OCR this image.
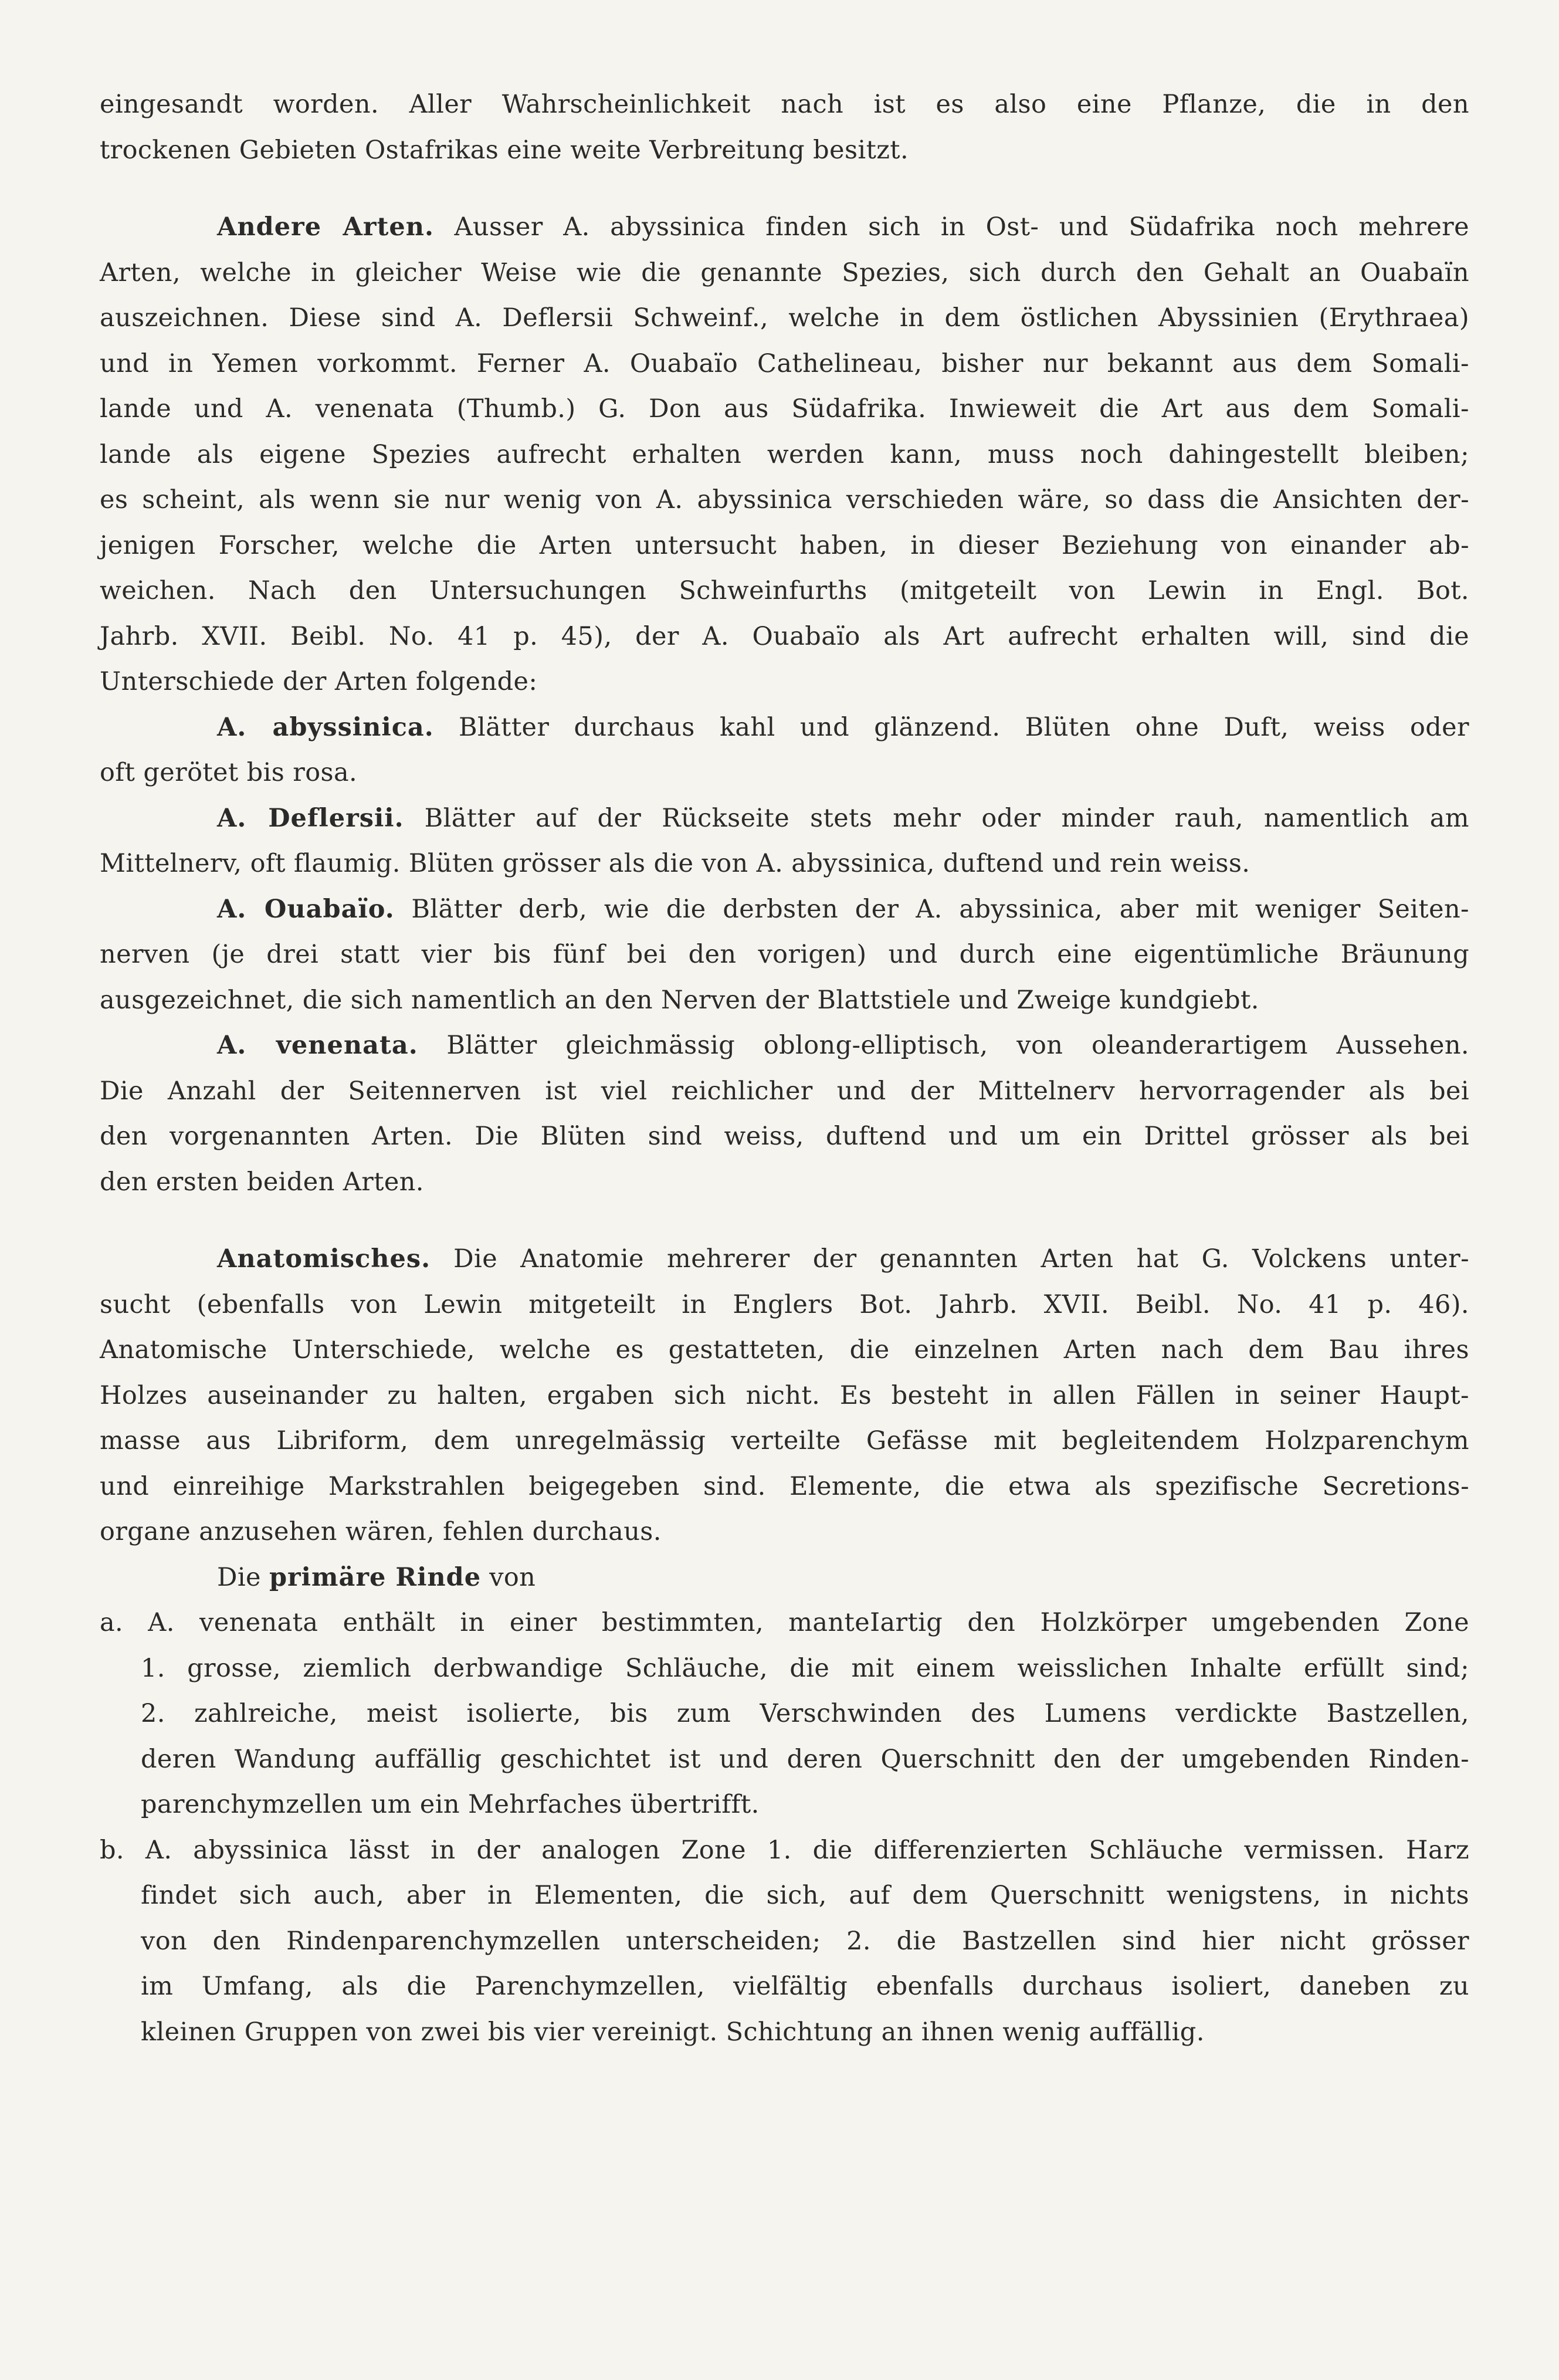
eingesandt worden. Aller Wahrscheinlichkeit nach ist es also eine Pflanze, die in den
trockenen Gebieten Ostafrikas eine weite Verbreitung besitzt.
Andere Arten. Ausser A. abyssinica finden sich in Ost- und Südafrika noch mehrere
Arten, welche in gleicher Weise wie die genannte Spezies, sich durch den Gehalt an Ouabaïn
auszeichnen. Diese sind A. Deflersii Schweinf., welche in dem östlichen Abyssinien (Erythraea)
und in Yemen vorkommt. Ferner A. Ouabaïo Cathelineau, bisher nur bekannt aus dem Somali-
lande und A. venenata (Thumb.) G. Don aus Südafrika. Inwieweit die Art aus dem Somali-
lande als eigene Spezies aufrecht erhalten werden kann, muss noch dahingestellt bleiben;
es scheint, als wenn sie nur wenig von A. abyssinica verschieden wäre, so dass die Ansichten der-
jenigen Forscher, welche die Arten untersucht haben, in dieser Beziehung von einander ab-
weichen. Nach den Untersuchungen Schweinfurths (mitgeteilt von Lewin in Engl. Bot.
Jahrb. XVII. Beibl. No. 41 p. 45), der A. Ouabaïo als Art aufrecht erhalten will, sind die
Unterschiede der Arten folgende:
A. abyssinica. Blätter durchaus kahl und glänzend. Blüten ohne Duft, weiss oder
oft gerötet bis rosa.
A. Deflersii. Blätter auf der Rückseite stets mehr oder minder rauh, namentlich am
Mittelnerv, oft flaumig. Blüten grösser als die von A. abyssinica, duftend und rein weiss.
A. Ouabaïo. Blätter derb, wie die derbsten der A. abyssinica, aber mit weniger Seiten-
nerven (je drei statt vier bis fünf bei den vorigen) und durch eine eigentümliche Bräunung
ausgezeichnet, die sich namentlich an den Nerven der Blattstiele und Zweige kundgiebt.
A. venenata. Blätter gleichmässig oblong-elliptisch, von oleanderartigem Aussehen.
Die Anzahl der Seitennerven ist viel reichlicher und der Mittelnerv hervorragender als bei
den vorgenannten Arten. Die Blüten sind weiss, duftend und um ein Drittel grösser als bei
den ersten beiden Arten.
Anatomisches. Die Anatomie mehrerer der genannten Arten hat G. Volckens unter-
sucht (ebenfalls von Lewin mitgeteilt in Englers Bot. Jahrb. XVII. Beibl. No. 41 p. 46).
Anatomische Unterschiede, welche es gestatteten, die einzelnen Arten nach dem Bau ihres
Holzes auseinander zu halten, ergaben sich nicht. Es besteht in allen Fällen in seiner Haupt-
masse aus Libriform, dem unregelmässig verteilte Gefässe mit begleitendem Holzparenchym
und einreihige Markstrahlen beigegeben sind. Elemente, die etwa als spezifische Secretions-
organe anzusehen wären, fehlen durchaus.
Die primäre Rinde von
a. A. venenata enthält in einer bestimmten, manteIartig den Holzkörper umgebenden Zone
1. grosse, ziemlich derbwandige Schläuche, die mit einem weisslichen Inhalte erfüllt sind;
2. zahlreiche, meist isolierte, bis zum Verschwinden des Lumens verdickte Bastzellen,
deren Wandung auffällig geschichtet ist und deren Querschnitt den der umgebenden Rinden-
parenchymzellen um ein Mehrfaches übertrifft.
b. A. abyssinica lässt in der analogen Zone 1. die differenzierten Schläuche vermissen. Harz
findet sich auch, aber in Elementen, die sich, auf dem Querschnitt wenigstens, in nichts
von den Rindenparenchymzellen unterscheiden; 2. die Bastzellen sind hier nicht grösser
im Umfang, als die Parenchymzellen, vielfältig ebenfalls durchaus isoliert, daneben zu
kleinen Gruppen von zwei bis vier vereinigt. Schichtung an ihnen wenig auffällig.
